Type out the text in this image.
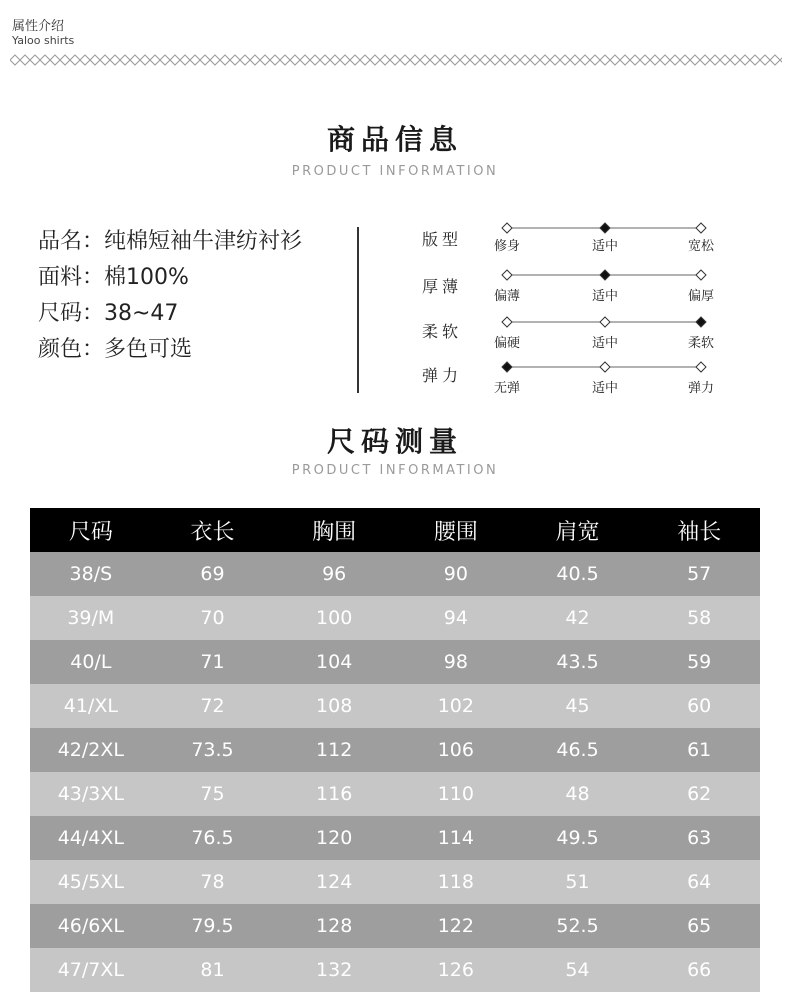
属性介绍
Yaloo shirts
商品信息
PRODUCT INFORMATION
品名：纯棉短袖牛津纺衬衫
面料：棉100%
尺码：38~47
颜色：多色可选
版型 修身	适中	宽松
厚薄
偏薄	适中	偏厚
柔软
偏硬	适中	柔软
弹力
无弹	适中	弹力
尺码测量
PRODUCT INFORMATION
尺码	衣长	胸围	腰围	肩宽	袖长
38/S	69	96	90	40.5	57
39/M	70	100	94	42	58
40/L	71	104	98	43.5	59
41/XL	72	108	102	45	60
42/2XL	73.5	112	106	46.5	61
43/3XL	75	116	110	48	62
44/4XL	76.5	120	114	49.5	63
45/5XL	78	124	118	51	64
46/6XL	79.5	128	122	52.5	65
47/7XL	81	132	126	54	66
